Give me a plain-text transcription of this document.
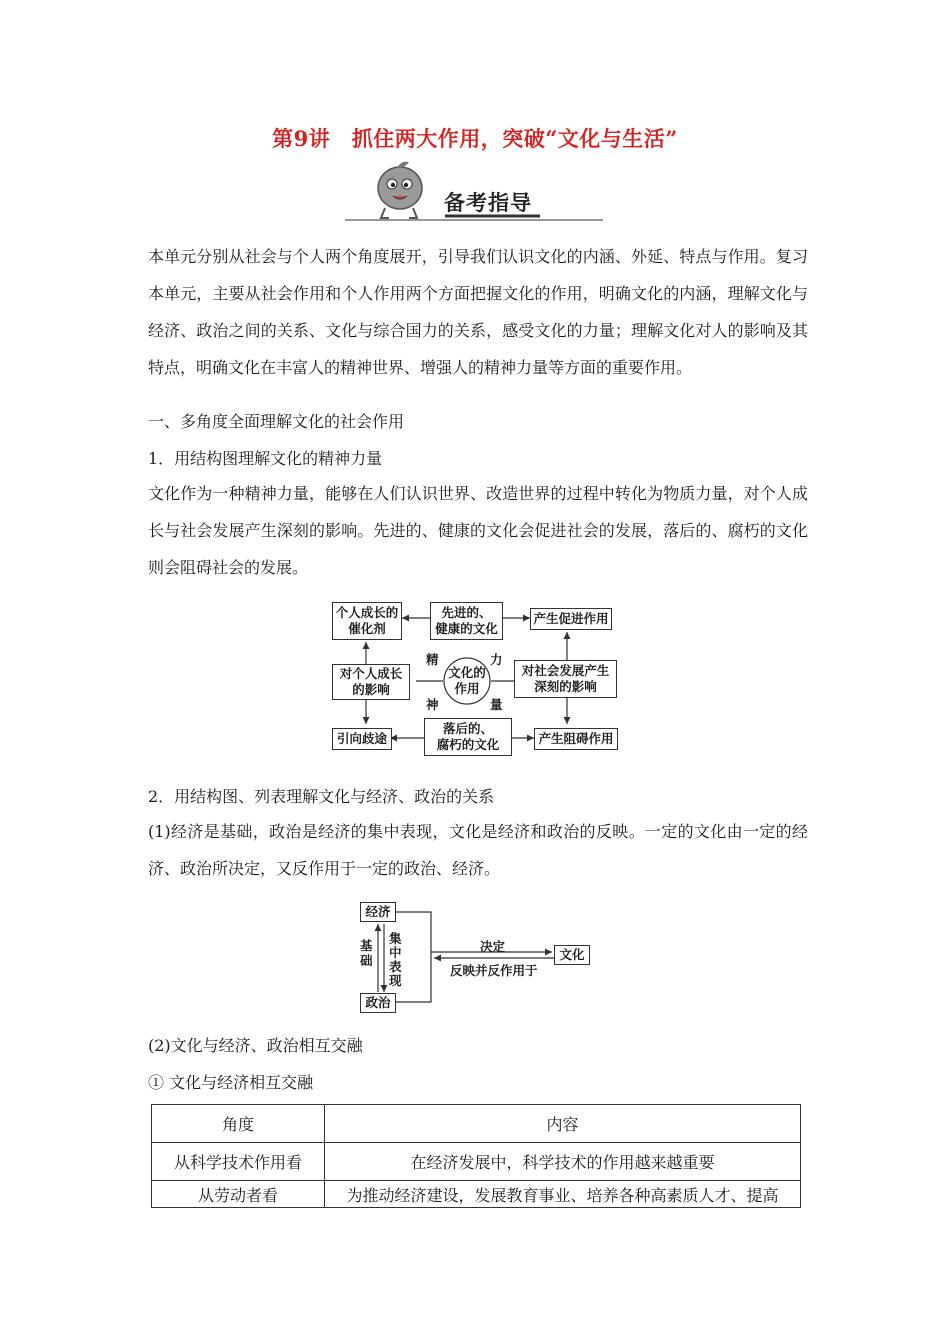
第9讲　抓住两大作用，突破“文化与生活”
备考指导

本单元分别从社会与个人两个角度展开，引导我们认识文化的内涵、外延、特点与作用。复习本单元，主要从社会作用和个人作用两个方面把握文化的作用，明确文化的内涵，理解文化与经济、政治之间的关系、文化与综合国力的关系，感受文化的力量；理解文化对人的影响及其特点，明确文化在丰富人的精神世界、增强人的精神力量等方面的重要作用。

一、多角度全面理解文化的社会作用
1．用结构图理解文化的精神力量

文化作为一种精神力量，能够在人们认识世界、改造世界的过程中转化为物质力量，对个人成长与社会发展产生深刻的影响。先进的、健康的文化会促进社会的发展，落后的、腐朽的文化则会阻碍社会的发展。

个人成长的
催化剂
先进的、
健康的文化
产生促进作用
对个人成长
的影响
文化的
作用
对社会发展产生
深刻的影响
精	力
神	量
引向歧途
落后的、
腐朽的文化	产生阻碍作用
2．用结构图、列表理解文化与经济、政治的关系

(1)经济是基础，政治是经济的集中表现，文化是经济和政治的反映。一定的文化由一定的经济、政治所决定，又反作用于一定的政治、经济。

经济
政治
文化
基础
集中表现
决定
反映并反作用于
(2)文化与经济、政治相互交融
① 文化与经济相互交融
角度	内容
从科学技术作用看	在经济发展中，科学技术的作用越来越重要
从劳动者看	为推动经济建设，发展教育事业、培养各种高素质人才、提高
